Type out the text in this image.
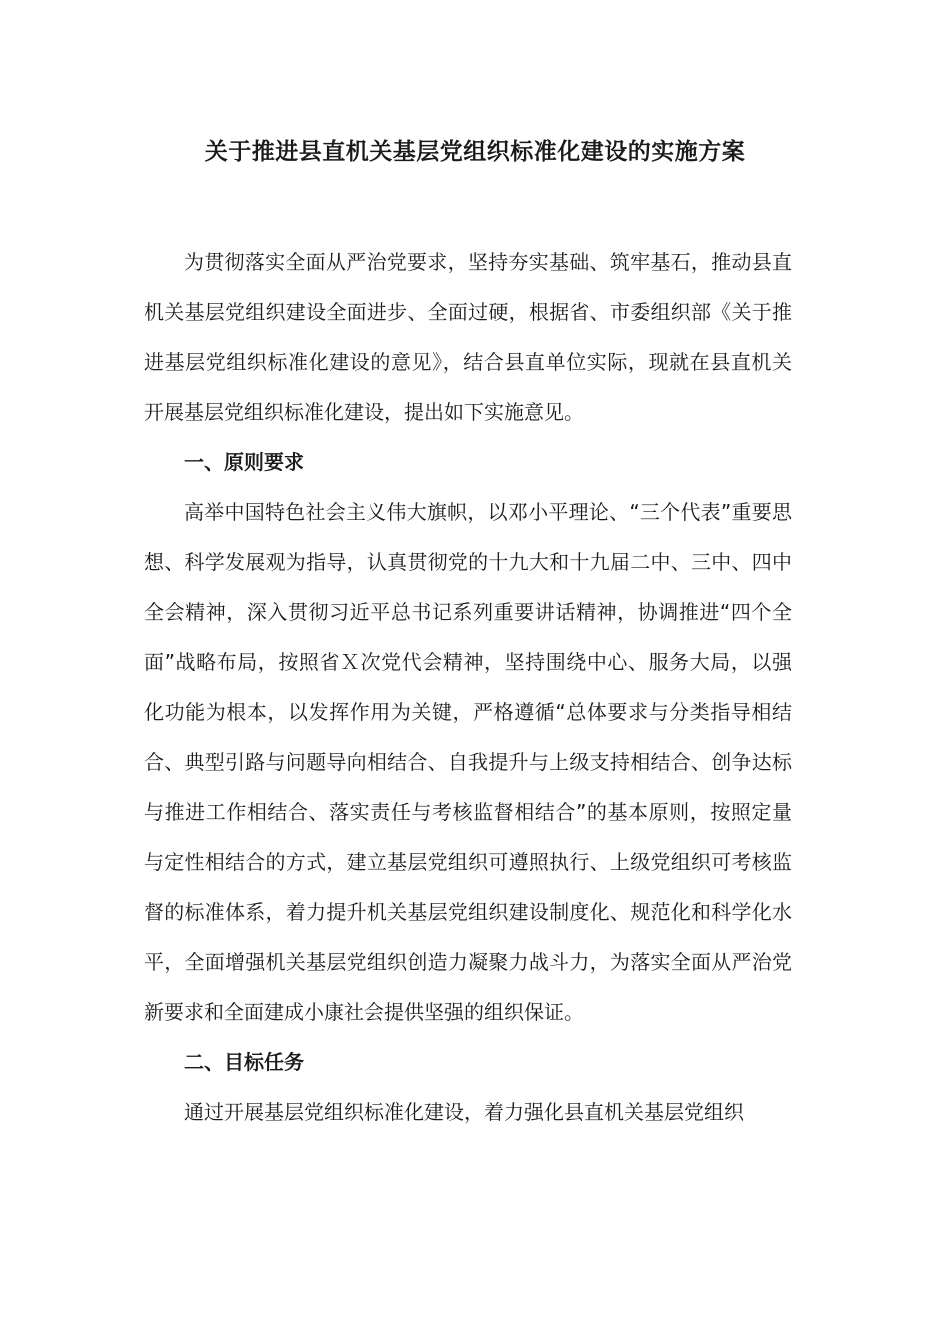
关于推进县直机关基层党组织标准化建设的实施方案

为贯彻落实全面从严治党要求，坚持夯实基础、筑牢基石，推动县直机关基层党组织建设全面进步、全面过硬，根据省、市委组织部《关于推进基层党组织标准化建设的意见》，结合县直单位实际，现就在县直机关开展基层党组织标准化建设，提出如下实施意见。

一、原则要求

高举中国特色社会主义伟大旗帜，以邓小平理论、“三个代表”重要思想、科学发展观为指导，认真贯彻党的十九大和十九届二中、三中、四中全会精神，深入贯彻习近平总书记系列重要讲话精神，协调推进“四个全面”战略布局，按照省Ｘ次党代会精神，坚持围绕中心、服务大局，以强化功能为根本，以发挥作用为关键，严格遵循“总体要求与分类指导相结合、典型引路与问题导向相结合、自我提升与上级支持相结合、创争达标与推进工作相结合、落实责任与考核监督相结合”的基本原则，按照定量与定性相结合的方式，建立基层党组织可遵照执行、上级党组织可考核监督的标准体系，着力提升机关基层党组织建设制度化、规范化和科学化水平，全面增强机关基层党组织创造力凝聚力战斗力，为落实全面从严治党新要求和全面建成小康社会提供坚强的组织保证。

二、目标任务

通过开展基层党组织标准化建设，着力强化县直机关基层党组织
